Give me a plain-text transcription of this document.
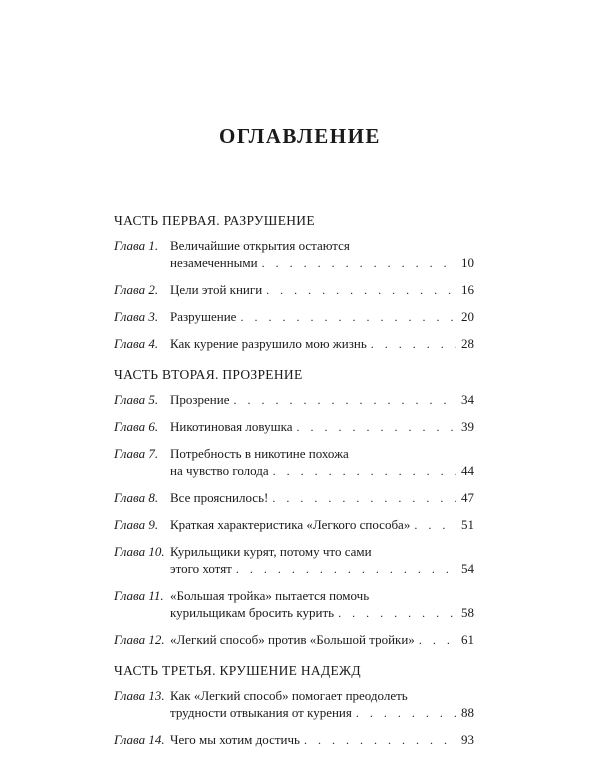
ОГЛАВЛЕНИЕ
ЧАСТЬ ПЕРВАЯ. РАЗРУШЕНИЕ
Глава 1. Величайшие открытия остаются
незамеченными . . .	10
Глава 2. Цели этой книги . . .	16
Глава 3. Разрушение . . .	20
Глава 4. Как курение разрушило мою жизнь . . .	28
ЧАСТЬ ВТОРАЯ. ПРОЗРЕНИЕ
Глава 5. Прозрение . . .	34
Глава 6. Никотиновая ловушка . . .	39
Глава 7. Потребность в никотине похожа
на чувство голода . . .	44
Глава 8. Все прояснилось! . . .	47
Глава 9. Краткая характеристика «Легкого способа» . . .	51
Глава 10. Курильщики курят, потому что сами
этого хотят . . .	54
Глава 11. «Большая тройка» пытается помочь
курильщикам бросить курить . . .	58
Глава 12. «Легкий способ» против «Большой тройки» . . .	61
ЧАСТЬ ТРЕТЬЯ. КРУШЕНИЕ НАДЕЖД
Глава 13. Как «Легкий способ» помогает преодолеть
трудности отвыкания от курения . . .	88
Глава 14. Чего мы хотим достичь . . .	93
